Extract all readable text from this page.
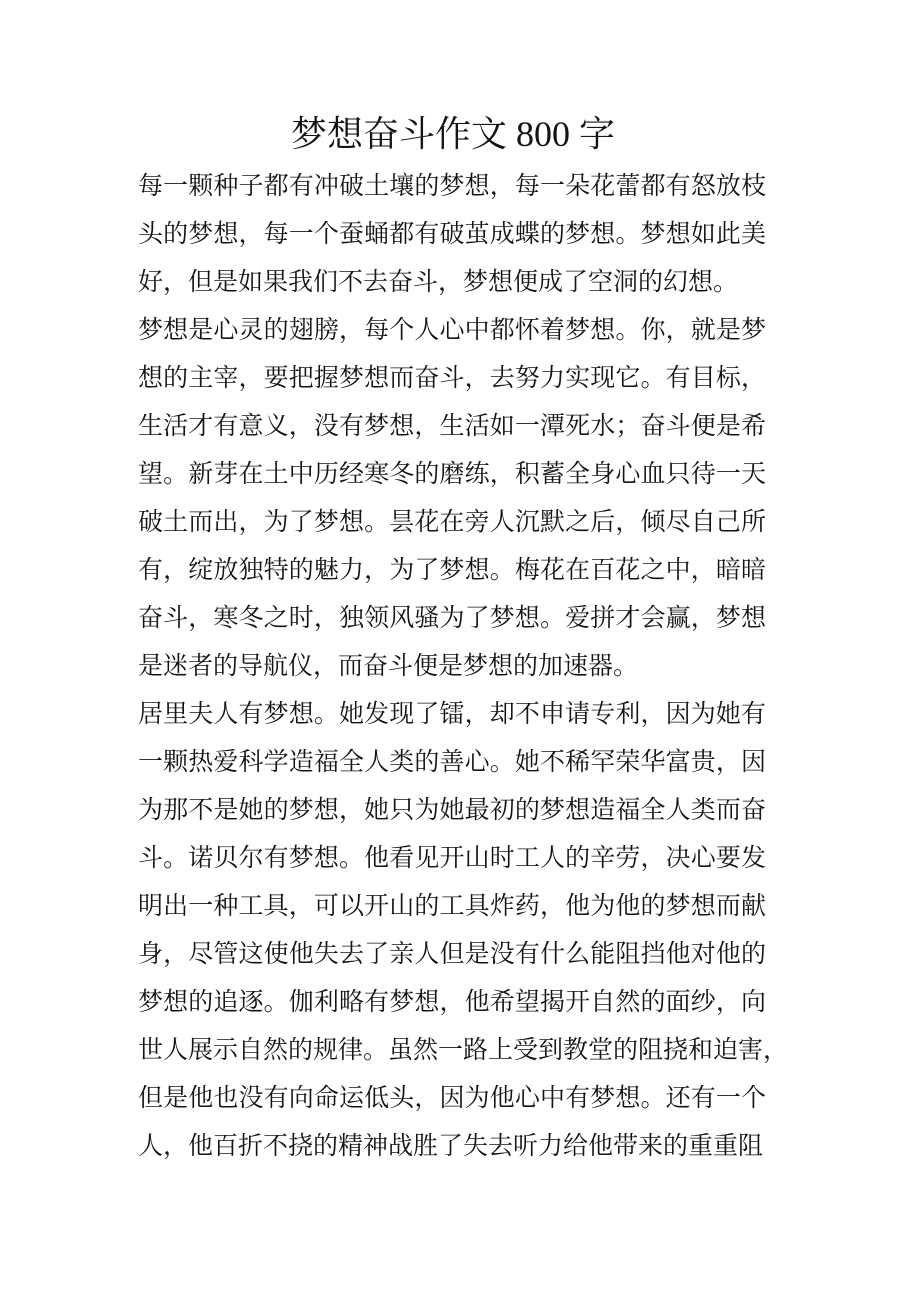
梦想奋斗作文 800 字
每一颗种子都有冲破土壤的梦想，每一朵花蕾都有怒放枝
头的梦想，每一个蚕蛹都有破茧成蝶的梦想。梦想如此美
好，但是如果我们不去奋斗，梦想便成了空洞的幻想。
梦想是心灵的翅膀，每个人心中都怀着梦想。你，就是梦
想的主宰，要把握梦想而奋斗，去努力实现它。有目标，
生活才有意义，没有梦想，生活如一潭死水；奋斗便是希
望。新芽在土中历经寒冬的磨练，积蓄全身心血只待一天
破土而出，为了梦想。昙花在旁人沉默之后，倾尽自己所
有，绽放独特的魅力，为了梦想。梅花在百花之中，暗暗
奋斗，寒冬之时，独领风骚为了梦想。爱拼才会赢，梦想
是迷者的导航仪，而奋斗便是梦想的加速器。
居里夫人有梦想。她发现了镭，却不申请专利，因为她有
一颗热爱科学造福全人类的善心。她不稀罕荣华富贵，因
为那不是她的梦想，她只为她最初的梦想造福全人类而奋
斗。诺贝尔有梦想。他看见开山时工人的辛劳，决心要发
明出一种工具，可以开山的工具炸药，他为他的梦想而献
身，尽管这使他失去了亲人但是没有什么能阻挡他对他的
梦想的追逐。伽利略有梦想，他希望揭开自然的面纱，向
世人展示自然的规律。虽然一路上受到教堂的阻挠和迫害，
但是他也没有向命运低头，因为他心中有梦想。还有一个
人，他百折不挠的精神战胜了失去听力给他带来的重重阻
